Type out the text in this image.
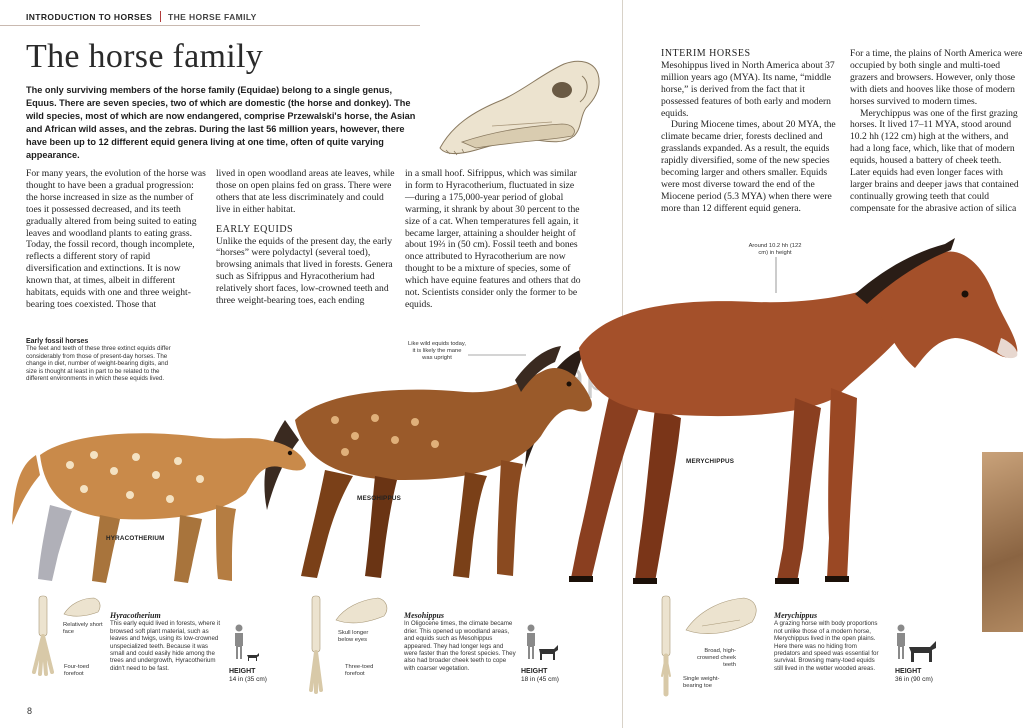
INTRODUCTION TO HORSES THE HORSE FAMILY
The horse family
The only surviving members of the horse family (Equidae) belong to a single genus, Equus. There are seven species, two of which are domestic (the horse and donkey). The wild species, most of which are now endangered, comprise Przewalski's horse, the Asian and African wild asses, and the zebras. During the last 56 million years, however, there have been up to 12 different equid genera living at one time, often of quite varying appearance.
For many years, the evolution of the horse was thought to have been a gradual progression: the horse increased in size as the number of toes it possessed decreased, and its teeth gradually altered from being suited to eating leaves and woodland plants to eating grass. Today, the fossil record, though incomplete, reflects a different story of rapid diversification and extinctions. It is now known that, at times, albeit in different habitats, equids with one and three weight-bearing toes coexisted. Those that
lived in open woodland areas ate leaves, while those on open plains fed on grass. There were others that ate less discriminately and could live in either habitat.
EARLY EQUIDS
Unlike the equids of the present day, the early “horses” were polydactyl (several toed), browsing animals that lived in forests. Genera such as Sifrippus and Hyracotherium had relatively short faces, low-crowned teeth and three weight-bearing toes, each ending
in a small hoof. Sifrippus, which was similar in form to Hyracotherium, fluctuated in size—during a 175,000-year period of global warming, it shrank by about 30 percent to the size of a cat. When temperatures fell again, it became larger, attaining a shoulder height of about 19⅔ in (50 cm). Fossil teeth and bones once attributed to Hyracotherium are now thought to be a mixture of species, some of which have equine features and others that do not. Scientists consider only the former to be equids.
INTERIM HORSES
Mesohippus lived in North America about 37 million years ago (MYA). Its name, “middle horse,” is derived from the fact that it possessed features of both early and modern equids.
During Miocene times, about 20 MYA, the climate became drier, forests declined and grasslands expanded. As a result, the equids rapidly diversified, some of the new species becoming larger and others smaller. Equids were most diverse toward the end of the Miocene period (5.3 MYA) when there were more than 12 different equid genera.
For a time, the plains of North America were occupied by both single and multi-toed grazers and browsers. However, only those with diets and hooves like those of modern horses survived to modern times.
Merychippus was one of the first grazing horses. It lived 17–11 MYA, stood around 10.2 hh (122 cm) high at the withers, and had a long face, which, like that of modern equids, housed a battery of cheek teeth. Later equids had even longer faces with larger brains and deeper jaws that contained continually growing teeth that could compensate for the abrasive action of silica
Early fossil horses
The feet and teeth of these three extinct equids differ considerably from those of present-day horses. The change in diet, number of weight-bearing digits, and size is thought at least in part to be related to the different environments in which these equids lived.
Like wild equids today, it is likely the mane was upright
Around 10.2 hh (122 cm) in height
HYRACOTHERIUM
MESOHIPPUS
MERYCHIPPUS
Relatively short face
Four-toed forefoot
Hyracotherium
This early equid lived in forests, where it browsed soft plant material, such as leaves and twigs, using its low-crowned unspecialized teeth. Because it was small and could easily hide among the trees and undergrowth, Hyracotherium didn't need to be fast.	HEIGHT
14 in (35 cm)
Skull longer below eyes
Three-toed forefoot
Mesohippus
In Oligocene times, the climate became drier. This opened up woodland areas, and equids such as Mesohippus appeared. They had longer legs and were faster than the forest species. They also had broader cheek teeth to cope with coarser vegetation.	HEIGHT
18 in (45 cm)
Broad, high-crowned cheek teeth
Single weight-bearing toe
Merychippus
A grazing horse with body proportions not unlike those of a modern horse, Merychippus lived in the open plains. Here there was no hiding from predators and speed was essential for survival. Browsing many-toed equids still lived in the wetter wooded areas.	HEIGHT
36 in (90 cm)
8
